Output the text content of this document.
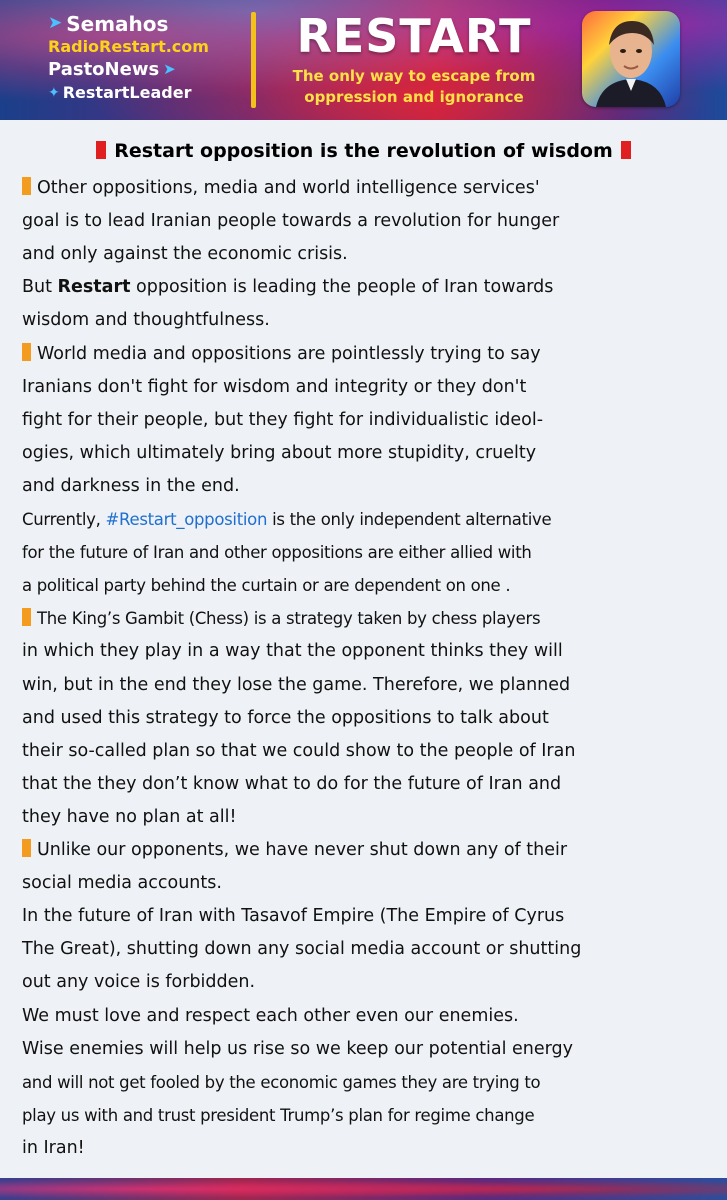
➤ Semahos
RadioRestart.com
PastoNews ➤
✦ RestartLeader
RESTART
The only way to escape from
oppression and ignorance
Restart opposition is the revolution of wisdom
Other oppositions, media and world intelligence services'
goal is to lead Iranian people towards a revolution for hunger
and only against the economic crisis.
But Restart opposition is leading the people of Iran towards
wisdom and thoughtfulness.
World media and oppositions are pointlessly trying to say
Iranians don't fight for wisdom and integrity or they don't
fight for their people, but they fight for individualistic ideol-
ogies, which ultimately bring about more stupidity, cruelty
and darkness in the end.
Currently, #Restart_opposition is the only independent alternative
for the future of Iran and other oppositions are either allied with
a political party behind the curtain or are dependent on one .
The King’s Gambit (Chess) is a strategy taken by chess players
in which they play in a way that the opponent thinks they will
win, but in the end they lose the game. Therefore, we planned
and used this strategy to force the oppositions to talk about
their so-called plan so that we could show to the people of Iran
that the they don’t know what to do for the future of Iran and
they have no plan at all!
Unlike our opponents, we have never shut down any of their
social media accounts.
In the future of Iran with Tasavof Empire (The Empire of Cyrus
The Great), shutting down any social media account or shutting
out any voice is forbidden.
We must love and respect each other even our enemies.
Wise enemies will help us rise so we keep our potential energy
and will not get fooled by the economic games they are trying to
play us with and trust president Trump’s plan for regime change
in Iran!
